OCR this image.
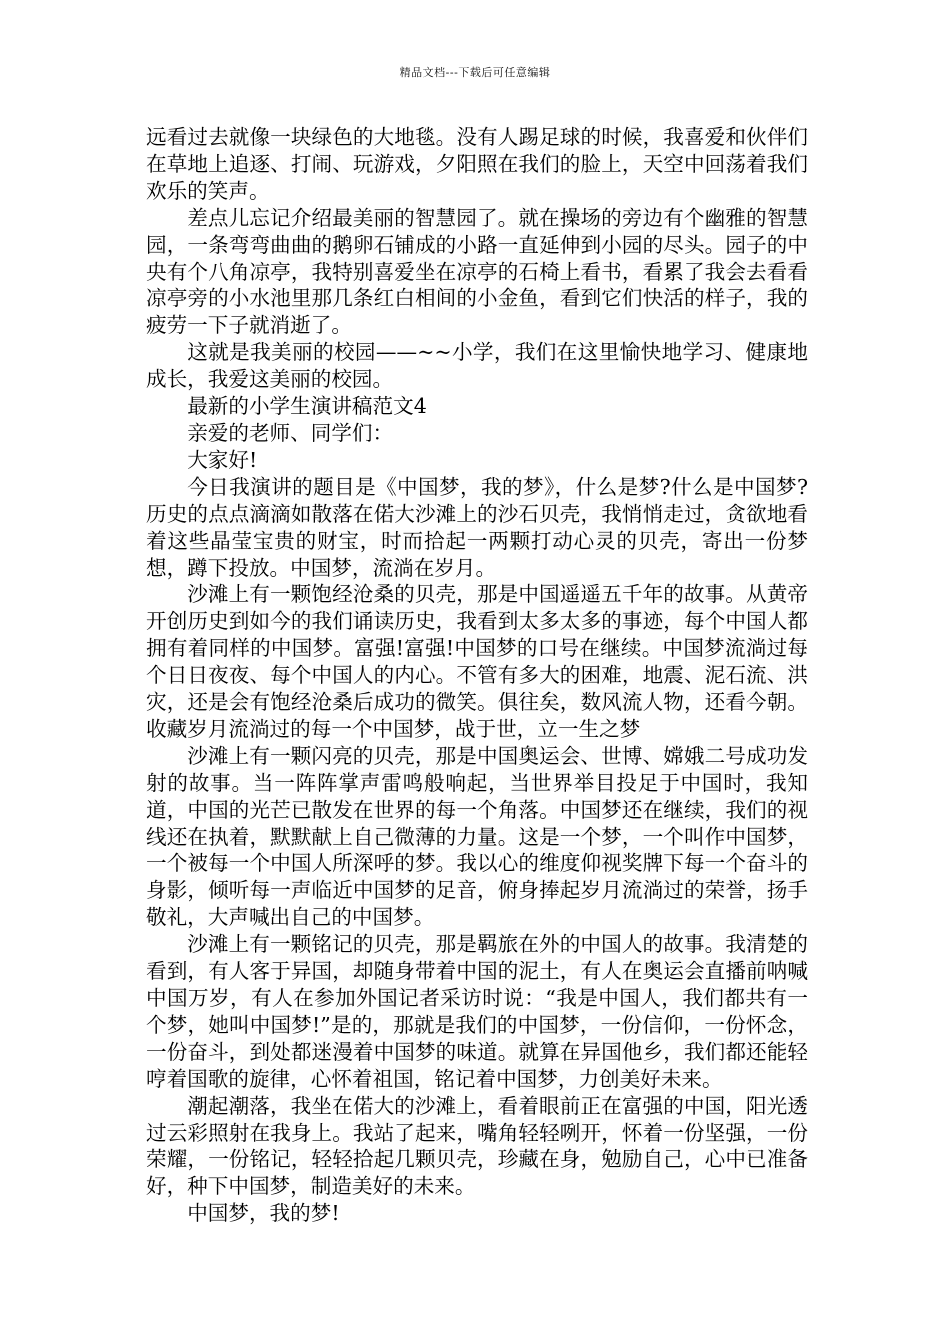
精品文档---下载后可任意编辑

远看过去就像一块绿色的大地毯。没有人踢足球的时候，我喜爱和伙伴们在草地上追逐、打闹、玩游戏，夕阳照在我们的脸上，天空中回荡着我们欢乐的笑声。

差点儿忘记介绍最美丽的智慧园了。就在操场的旁边有个幽雅的智慧园，一条弯弯曲曲的鹅卵石铺成的小路一直延伸到小园的尽头。园子的中央有个八角凉亭，我特别喜爱坐在凉亭的石椅上看书，看累了我会去看看凉亭旁的小水池里那几条红白相间的小金鱼，看到它们快活的样子，我的疲劳一下子就消逝了。

这就是我美丽的校园——~~小学，我们在这里愉快地学习、健康地成长，我爱这美丽的校园。

最新的小学生演讲稿范文4

亲爱的老师、同学们：

大家好!

今日我演讲的题目是《中国梦，我的梦》，什么是梦?什么是中国梦?历史的点点滴滴如散落在偌大沙滩上的沙石贝壳，我悄悄走过，贪欲地看着这些晶莹宝贵的财宝，时而拾起一两颗打动心灵的贝壳，寄出一份梦想，蹲下投放。中国梦，流淌在岁月。

沙滩上有一颗饱经沧桑的贝壳，那是中国遥遥五千年的故事。从黄帝开创历史到如今的我们诵读历史，我看到太多太多的事迹，每个中国人都拥有着同样的中国梦。富强!富强!中国梦的口号在继续。中国梦流淌过每个日日夜夜、每个中国人的内心。不管有多大的困难，地震、泥石流、洪灾，还是会有饱经沧桑后成功的微笑。俱往矣，数风流人物，还看今朝。收藏岁月流淌过的每一个中国梦，战于世，立一生之梦

沙滩上有一颗闪亮的贝壳，那是中国奥运会、世博、嫦娥二号成功发射的故事。当一阵阵掌声雷鸣般响起，当世界举目投足于中国时，我知道，中国的光芒已散发在世界的每一个角落。中国梦还在继续，我们的视线还在执着，默默献上自己微薄的力量。这是一个梦，一个叫作中国梦，一个被每一个中国人所深呼的梦。我以心的维度仰视奖牌下每一个奋斗的身影，倾听每一声临近中国梦的足音，俯身捧起岁月流淌过的荣誉，扬手敬礼，大声喊出自己的中国梦。

沙滩上有一颗铭记的贝壳，那是羁旅在外的中国人的故事。我清楚的看到，有人客于异国，却随身带着中国的泥土，有人在奥运会直播前呐喊中国万岁，有人在参加外国记者采访时说：“我是中国人，我们都共有一个梦，她叫中国梦!”是的，那就是我们的中国梦，一份信仰，一份怀念，一份奋斗，到处都迷漫着中国梦的味道。就算在异国他乡，我们都还能轻哼着国歌的旋律，心怀着祖国，铭记着中国梦，力创美好未来。

潮起潮落，我坐在偌大的沙滩上，看着眼前正在富强的中国，阳光透过云彩照射在我身上。我站了起来，嘴角轻轻咧开，怀着一份坚强，一份荣耀，一份铭记，轻轻拾起几颗贝壳，珍藏在身，勉励自己，心中已准备好，种下中国梦，制造美好的未来。

中国梦，我的梦!
